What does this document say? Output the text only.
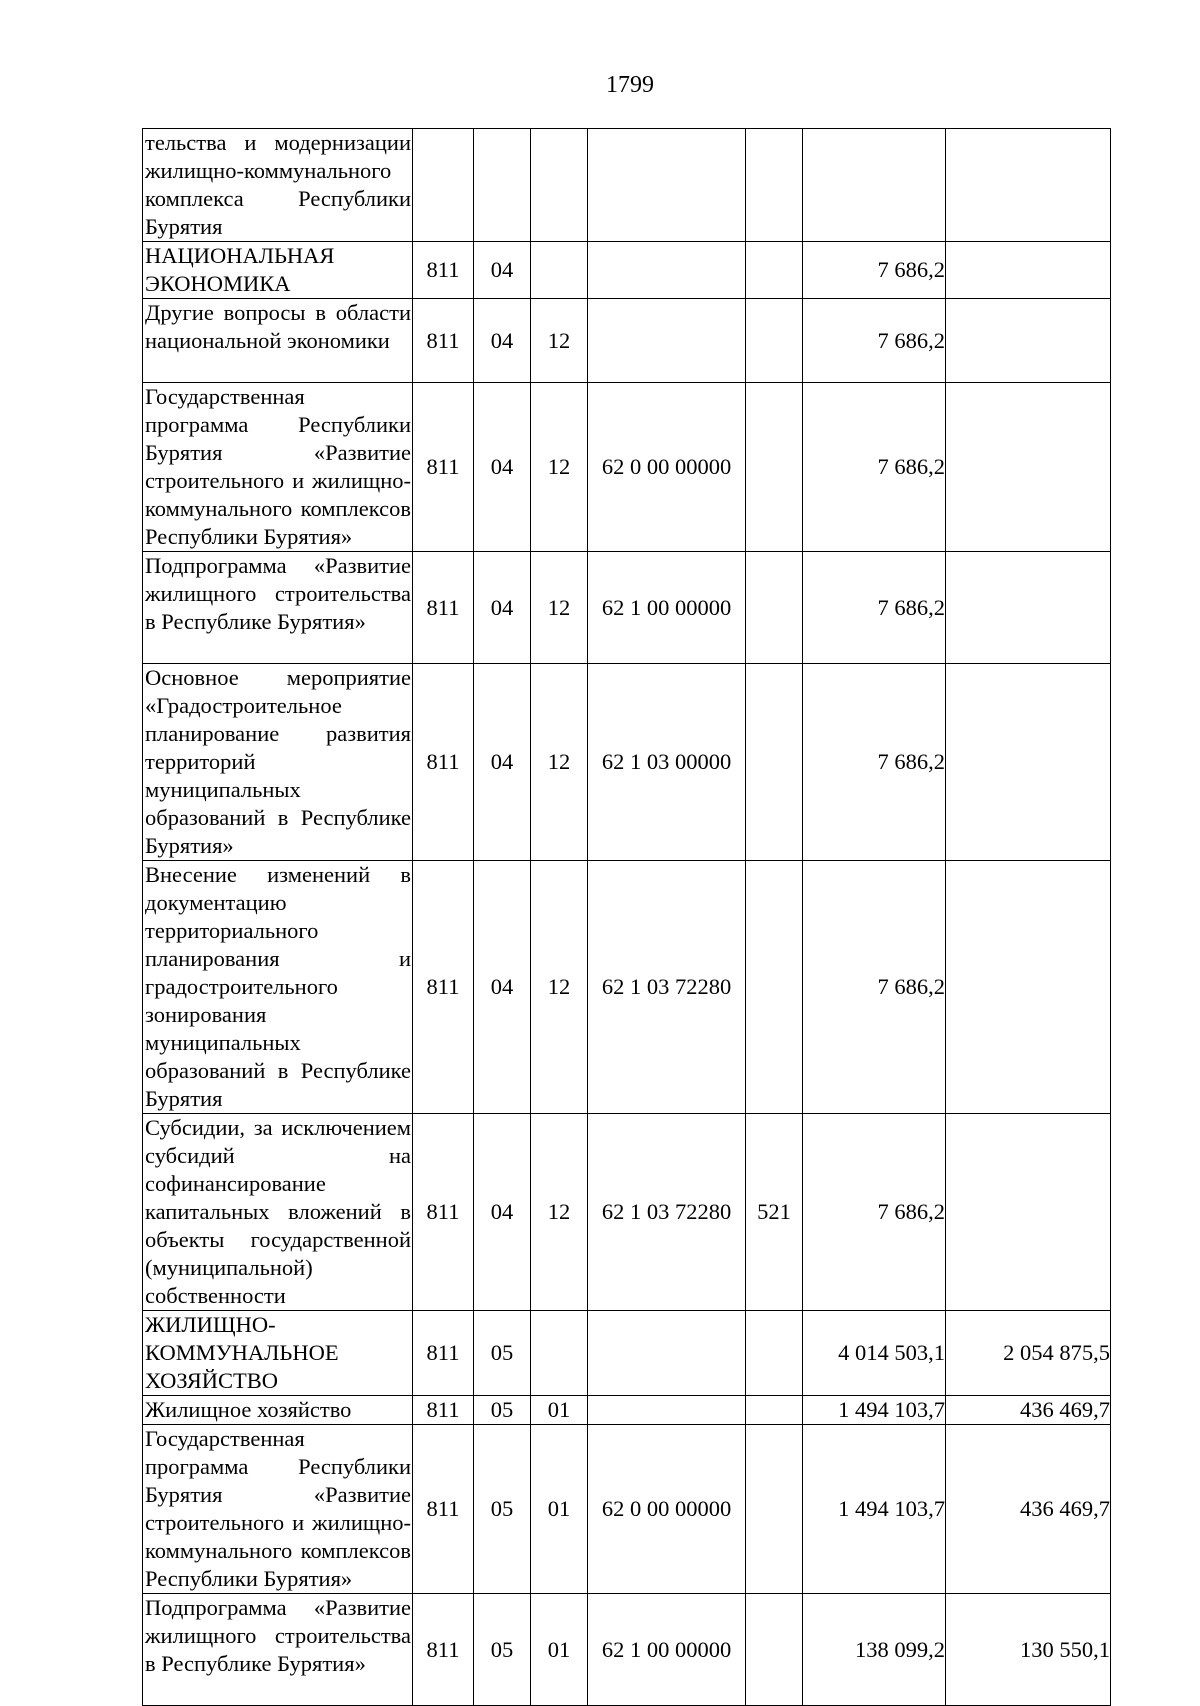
1799
тельства и модернизации жилищно-коммунального комплекса Республики Бурятия							
НАЦИОНАЛЬНАЯ ЭКОНОМИКА	811	04				7 686,2	
Другие вопросы в области национальной экономики	811	04	12			7 686,2	
Государственная программа Республики Бурятия «Развитие строительного и жилищно-коммунального комплексов Республики Бурятия»	811	04	12	62 0 00 00000		7 686,2	
Подпрограмма «Развитие жилищного строительства в Республике Бурятия»	811	04	12	62 1 00 00000		7 686,2	
Основное мероприятие «Градостроительное планирование развития территорий муниципальных образований в Республике Бурятия»	811	04	12	62 1 03 00000		7 686,2	
Внесение изменений в документацию территориального планирования и градостроительного зонирования муниципальных образований в Республике Бурятия	811	04	12	62 1 03 72280		7 686,2	
Субсидии, за исключением субсидий на софинансирование капитальных вложений в объекты государственной (муниципальной) собственности	811	04	12	62 1 03 72280	521	7 686,2	
ЖИЛИЩНО-КОММУНАЛЬНОЕ ХОЗЯЙСТВО	811	05				4 014 503,1	2 054 875,5
Жилищное хозяйство	811	05	01			1 494 103,7	436 469,7
Государственная программа Республики Бурятия «Развитие строительного и жилищно-коммунального комплексов Республики Бурятия»	811	05	01	62 0 00 00000		1 494 103,7	436 469,7
Подпрограмма «Развитие жилищного строительства в Республике Бурятия»	811	05	01	62 1 00 00000		138 099,2	130 550,1
